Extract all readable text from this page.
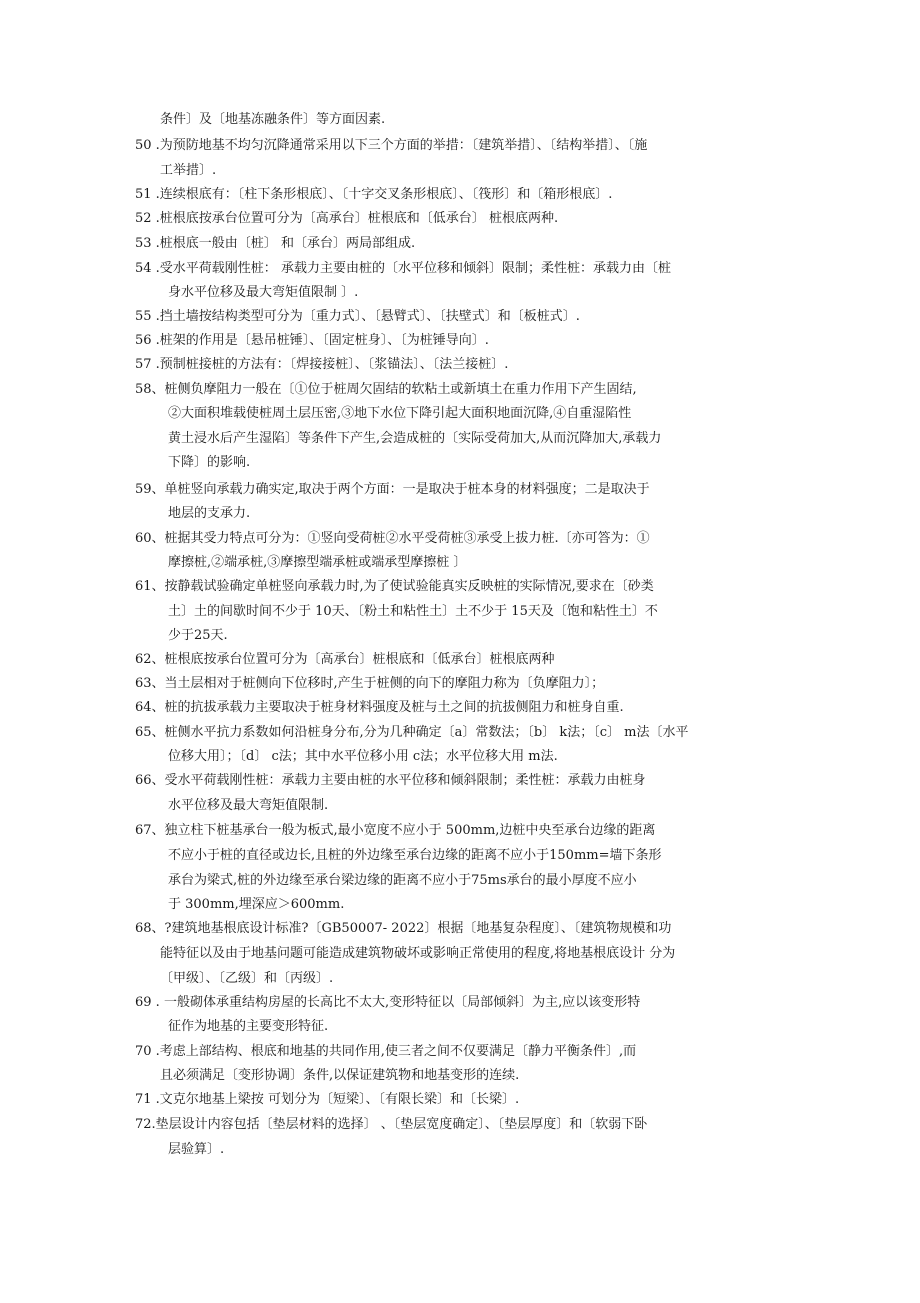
条件〕及〔地基冻融条件〕等方面因素.
50 .为预防地基不均匀沉降通常采用以下三个方面的举措：〔建筑举措〕、〔结构举措〕、〔施
工举措〕.
51 .连续根底有：〔柱下条形根底〕、〔十字交叉条形根底〕、〔筏形〕和〔箱形根底〕.
52 .桩根底按承台位置可分为〔高承台〕桩根底和〔低承台〕 桩根底两种.
53 .桩根底一般由〔桩〕 和〔承台〕两局部组成.
54 .受水平荷载刚性桩： 承载力主要由桩的〔水平位移和倾斜〕限制；柔性桩：承载力由〔桩
身水平位移及最大弯矩值限制 〕.
55 .挡土墙按结构类型可分为〔重力式〕、〔悬臂式〕、〔扶壁式〕和〔板桩式〕.
56 .桩架的作用是〔悬吊桩锤〕、〔固定桩身〕、〔为桩锤导向〕.
57 .预制桩接桩的方法有：〔焊接接桩〕、〔浆锚法〕、〔法兰接桩〕.
58、桩侧负摩阻力一般在〔①位于桩周欠固结的软粘土或新填土在重力作用下产生固结,
②大面积堆载使桩周土层压密,③地下水位下降引起大面积地面沉降,④自重湿陷性
黄土浸水后产生湿陷〕等条件下产生,会造成桩的〔实际受荷加大,从而沉降加大,承载力
下降〕的影响.
59、单桩竖向承载力确实定,取决于两个方面：一是取决于桩本身的材料强度；二是取决于
地层的支承力.
60、桩据其受力特点可分为：①竖向受荷桩②水平受荷桩③承受上拔力桩.〔亦可答为：①
摩擦桩,②端承桩,③摩擦型端承桩或端承型摩擦桩 〕
61、按静载试验确定单桩竖向承载力时,为了使试验能真实反映桩的实际情况,要求在〔砂类
土〕土的间歇时间不少于 10天、〔粉土和粘性土〕土不少于 15天及〔饱和粘性土〕不
少于25天.
62、桩根底按承台位置可分为〔高承台〕桩根底和〔低承台〕桩根底两种
63、当土层相对于桩侧向下位移时,产生于桩侧的向下的摩阻力称为〔负摩阻力〕；
64、桩的抗拔承载力主要取决于桩身材料强度及桩与土之间的抗拔侧阻力和桩身自重.
65、桩侧水平抗力系数如何沿桩身分布,分为几种确定〔a〕常数法；〔b〕 k法；〔c〕 m法〔水平
位移大用〕；〔d〕 c法；其中水平位移小用 c法；水平位移大用 m法.
66、受水平荷载刚性桩：承载力主要由桩的水平位移和倾斜限制；柔性桩：承载力由桩身
水平位移及最大弯矩值限制.
67、独立柱下桩基承台一般为板式,最小宽度不应小于 500mm,边桩中央至承台边缘的距离
不应小于桩的直径或边长,且桩的外边缘至承台边缘的距离不应小于150mm=墙下条形
承台为梁式,桩的外边缘至承台梁边缘的距离不应小于75ms承台的最小厚度不应小
于 300mm,埋深应＞600mm.
68、?建筑地基根底设计标准?〔GB50007- 2022〕根据〔地基复杂程度〕、〔建筑物规模和功
能特征以及由于地基问题可能造成建筑物破坏或影响正常使用的程度,将地基根底设计 分为
〔甲级〕、〔乙级〕和〔丙级〕.
69 . 一般砌体承重结构房屋的长高比不太大,变形特征以〔局部倾斜〕为主,应以该变形特
征作为地基的主要变形特征.
70 .考虑上部结构、根底和地基的共同作用,使三者之间不仅要满足〔静力平衡条件〕,而
且必须满足〔变形协调〕条件,以保证建筑物和地基变形的连续.
71 .文克尔地基上梁按 可划分为〔短梁〕、〔有限长梁〕和〔长梁〕.
72.垫层设计内容包括〔垫层材料的选择〕 、〔垫层宽度确定〕、〔垫层厚度〕和〔软弱下卧
层验算〕.
